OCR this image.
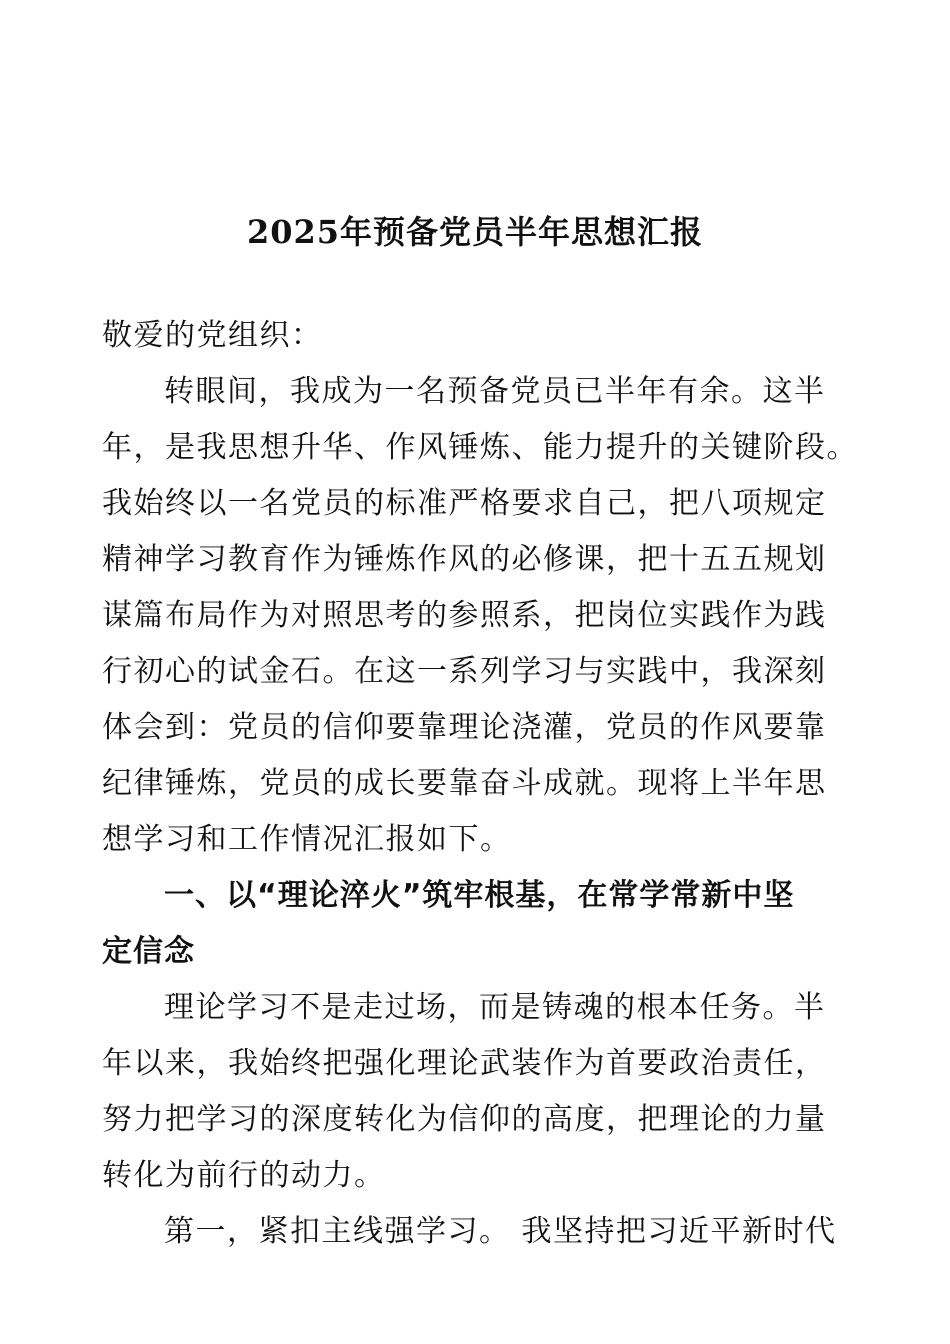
2025年预备党员半年思想汇报
敬爱的党组织：
转眼间，我成为一名预备党员已半年有余。这半
年，是我思想升华、作风锤炼、能力提升的关键阶段。
我始终以一名党员的标准严格要求自己，把八项规定
精神学习教育作为锤炼作风的必修课，把十五五规划
谋篇布局作为对照思考的参照系，把岗位实践作为践
行初心的试金石。在这一系列学习与实践中，我深刻
体会到：党员的信仰要靠理论浇灌，党员的作风要靠
纪律锤炼，党员的成长要靠奋斗成就。现将上半年思
想学习和工作情况汇报如下。
一、以“理论淬火”筑牢根基，在常学常新中坚
定信念
理论学习不是走过场，而是铸魂的根本任务。半
年以来，我始终把强化理论武装作为首要政治责任，
努力把学习的深度转化为信仰的高度，把理论的力量
转化为前行的动力。
第一，紧扣主线强学习。 我坚持把习近平新时代
